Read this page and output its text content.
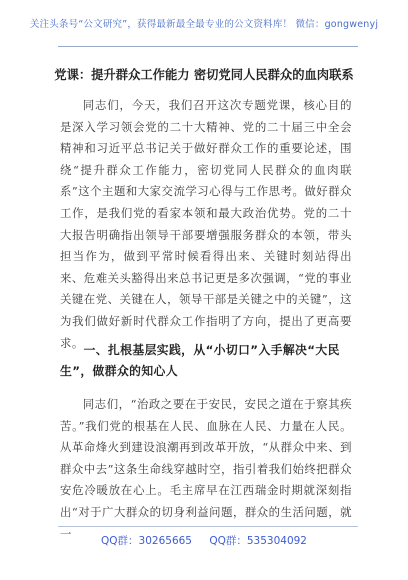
关注头条号“公文研究”，获得最新最全最专业的公文资料库！ 微信：gongwenyj
党课：提升群众工作能力 密切党同人民群众的血肉联系

同志们，今天，我们召开这次专题党课，核心目的是深入学习领会党的二十大精神、党的二十届三中全会精神和习近平总书记关于做好群众工作的重要论述，围绕“提升群众工作能力，密切党同人民群众的血肉联系”这个主题和大家交流学习心得与工作思考。做好群众工作，是我们党的看家本领和最大政治优势。党的二十大报告明确指出领导干部要增强服务群众的本领，带头担当作为，做到平常时候看得出来、关键时刻站得出来、危难关头豁得出来总书记更是多次强调，“党的事业关键在党、关键在人，领导干部是关键之中的关键”，这为我们做好新时代群众工作指明了方向，提出了更高要求。

一、扎根基层实践，从“小切口”入手解决“大民生”，做群众的知心人

同志们，“治政之要在于安民，安民之道在于察其疾苦。”我们党的根基在人民、血脉在人民、力量在人民。从革命烽火到建设浪潮再到改革开放，“从群众中来、到群众中去”这条生命线穿越时空，指引着我们始终把群众安危冷暖放在心上。毛主席早在江西瑞金时期就深刻指出“对于广大群众的切身利益问题，群众的生活问题，就一

QQ群：30265665 QQ群：535304092
